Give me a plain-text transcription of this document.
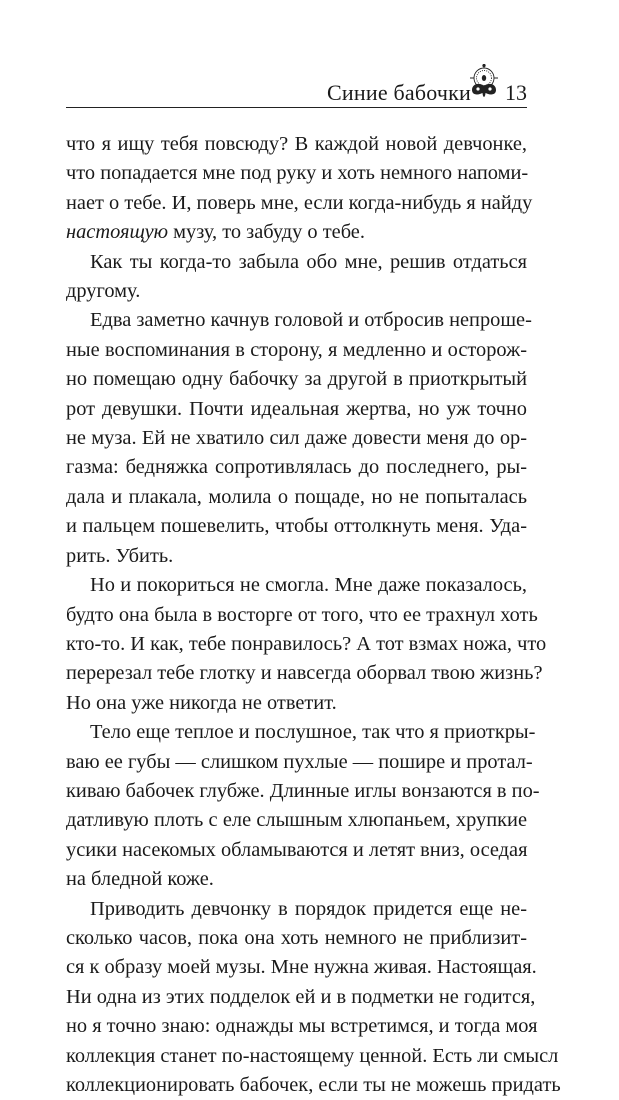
Синие бабочки 13
что я ищу тебя повсюду? В каждой новой девчонке,
что попадается мне под руку и хоть немного напоми-
нает о тебе. И, поверь мне, если когда-нибудь я найду
настоящую музу, то забуду о тебе.
Как ты когда-то забыла обо мне, решив отдаться
другому.
Едва заметно качнув головой и отбросив непроше-
ные воспоминания в сторону, я медленно и осторож-
но помещаю одну бабочку за другой в приоткрытый
рот девушки. Почти идеальная жертва, но уж точно
не муза. Ей не хватило сил даже довести меня до ор-
газма: бедняжка сопротивлялась до последнего, ры-
дала и плакала, молила о пощаде, но не попыталась
и пальцем пошевелить, чтобы оттолкнуть меня. Уда-
рить. Убить.
Но и покориться не смогла. Мне даже показалось,
будто она была в восторге от того, что ее трахнул хоть
кто-то. И как, тебе понравилось? А тот взмах ножа, что
перерезал тебе глотку и навсегда оборвал твою жизнь?
Но она уже никогда не ответит.
Тело еще теплое и послушное, так что я приоткры-
ваю ее губы — слишком пухлые — пошире и протал-
киваю бабочек глубже. Длинные иглы вонзаются в по-
датливую плоть с еле слышным хлюпаньем, хрупкие
усики насекомых обламываются и летят вниз, оседая
на бледной коже.
Приводить девчонку в порядок придется еще не-
сколько часов, пока она хоть немного не приблизит-
ся к образу моей музы. Мне нужна живая. Настоящая.
Ни одна из этих подделок ей и в подметки не годится,
но я точно знаю: однажды мы встретимся, и тогда моя
коллекция станет по-настоящему ценной. Есть ли смысл
коллекционировать бабочек, если ты не можешь придать
